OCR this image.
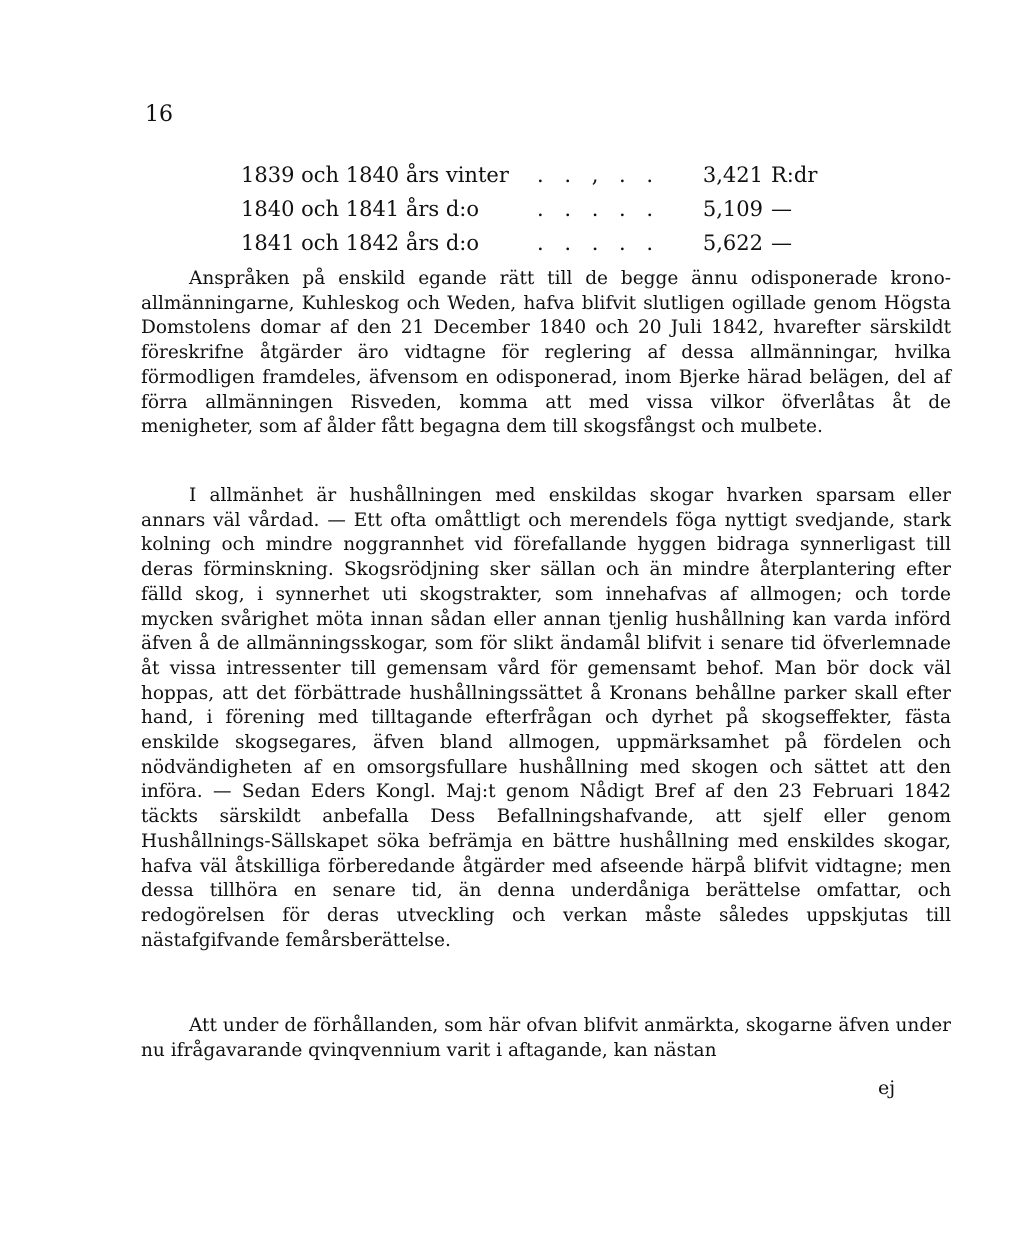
16
1839 och 1840 års vinter . . , . .	3,421 R:dr
1840 och 1841 års d:o	. . . . .	5,109 —
1841 och 1842 års d:o	. . . . .	5,622 —

Anspråken på enskild egande rätt till de begge ännu odisponerade krono-allmänningarne, Kuhleskog och Weden, hafva blifvit slutligen ogillade genom Högsta Domstolens domar af den 21 December 1840 och 20 Juli 1842, hvarefter särskildt föreskrifne åtgärder äro vidtagne för reglering af dessa allmänningar, hvilka förmodligen framdeles, äfvensom en odisponerad, inom Bjerke härad belägen, del af förra allmänningen Risveden, komma att med vissa vilkor öfverlåtas åt de menigheter, som af ålder fått begagna dem till skogsfångst och mulbete.

I allmänhet är hushållningen med enskildas skogar hvarken sparsam eller annars väl vårdad. — Ett ofta omåttligt och merendels föga nyttigt svedjande, stark kolning och mindre noggrannhet vid förefallande hyggen bidraga synnerligast till deras förminskning. Skogsrödjning sker sällan och än mindre återplantering efter fälld skog, i synnerhet uti skogstrakter, som innehafvas af allmogen; och torde mycken svårighet möta innan sådan eller annan tjenlig hushållning kan varda införd äfven å de allmänningsskogar, som för slikt ändamål blifvit i senare tid öfverlemnade åt vissa intressenter till gemensam vård för gemensamt behof. Man bör dock väl hoppas, att det förbättrade hushållningssättet å Kronans behållne parker skall efter hand, i förening med tilltagande efterfrågan och dyrhet på skogseffekter, fästa enskilde skogsegares, äfven bland allmogen, uppmärksamhet på fördelen och nödvändigheten af en omsorgsfullare hushållning med skogen och sättet att den införa. — Sedan Eders Kongl. Maj:t genom Nådigt Bref af den 23 Februari 1842 täckts särskildt anbefalla Dess Befallningshafvande, att sjelf eller genom Hushållnings-Sällskapet söka befrämja en bättre hushållning med enskildes skogar, hafva väl åtskilliga förberedande åtgärder med afseende härpå blifvit vidtagne; men dessa tillhöra en senare tid, än denna underdåniga berättelse omfattar, och redogörelsen för deras utveckling och verkan måste således uppskjutas till nästafgifvande femårsberättelse.

Att under de förhållanden, som här ofvan blifvit anmärkta, skogarne äfven under nu ifrågavarande qvinqvennium varit i aftagande, kan nästan

ej
